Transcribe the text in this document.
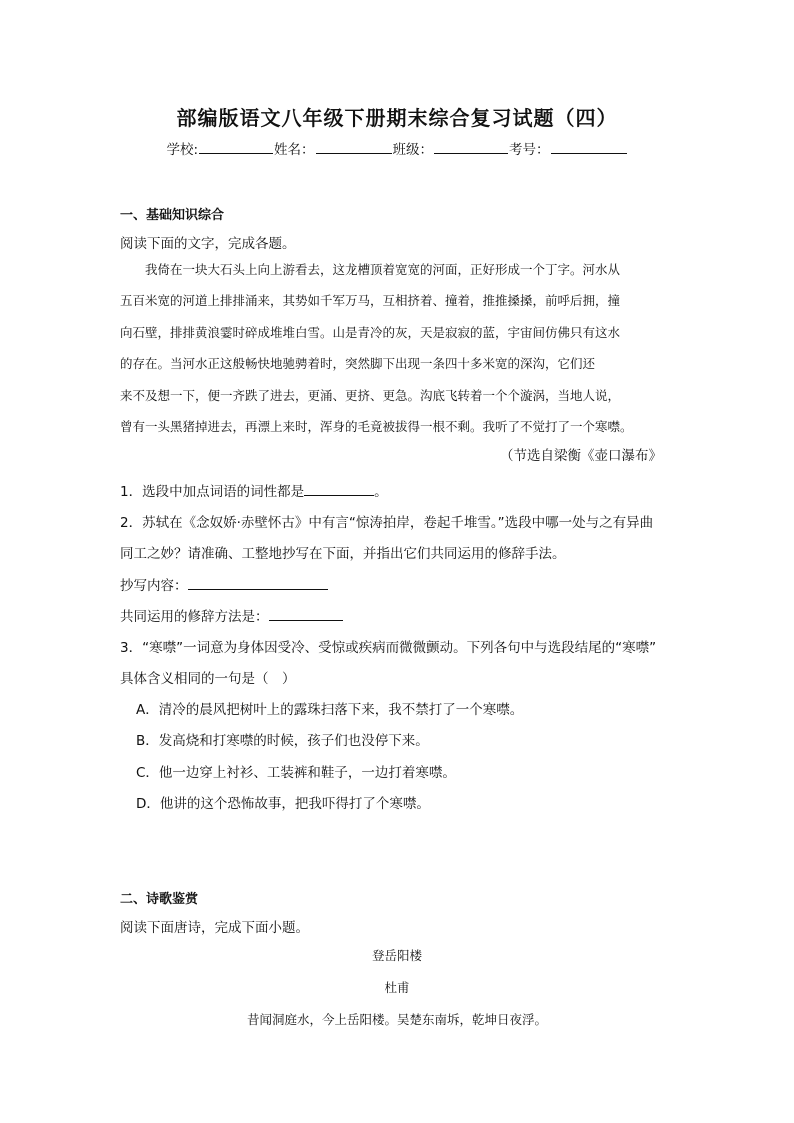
部编版语文八年级下册期末综合复习试题（四）
学校:	姓名：	班级：	考号：
一、基础知识综合
阅读下面的文字，完成各题。
　　我倚在一块大石头上向上游看去，这龙槽顶着宽宽的河面，正好形成一个丁字。河水从
五百米宽的河道上排排涌来，其势如千军万马，互相挤着、撞着，推推搡搡，前呼后拥，撞
向石壁，排排黄浪霎时碎成堆堆白雪。山是青冷的灰，天是寂寂的蓝，宇宙间仿佛只有这水
的存在。当河水正这般畅快地驰骋着时，突然脚下出现一条四十多米宽的深沟，它们还
来不及想一下，便一齐跌了进去，更涌、更挤、更急。沟底飞转着一个个漩涡，当地人说，
曾有一头黑猪掉进去，再漂上来时，浑身的毛竟被拔得一根不剩。我听了不觉打了一个寒噤。
（节选自梁衡《壶口瀑布》
1．选段中加点词语的词性都是	。
2．苏轼在《念奴娇·赤壁怀古》中有言“惊涛拍岸，卷起千堆雪。”选段中哪一处与之有异曲
同工之妙？请准确、工整地抄写在下面，并指出它们共同运用的修辞手法。
抄写内容：
共同运用的修辞方法是：
3．“寒噤”一词意为身体因受冷、受惊或疾病而微微颤动。下列各句中与选段结尾的“寒噤”
具体含义相同的一句是（　）
A．清冷的晨风把树叶上的露珠扫落下来，我不禁打了一个寒噤。
B．发高烧和打寒噤的时候，孩子们也没停下来。
C．他一边穿上衬衫、工装裤和鞋子，一边打着寒噤。
D．他讲的这个恐怖故事，把我吓得打了个寒噤。
二、诗歌鉴赏
阅读下面唐诗，完成下面小题。
登岳阳楼
杜甫
昔闻洞庭水，今上岳阳楼。吴楚东南坼，乾坤日夜浮。
